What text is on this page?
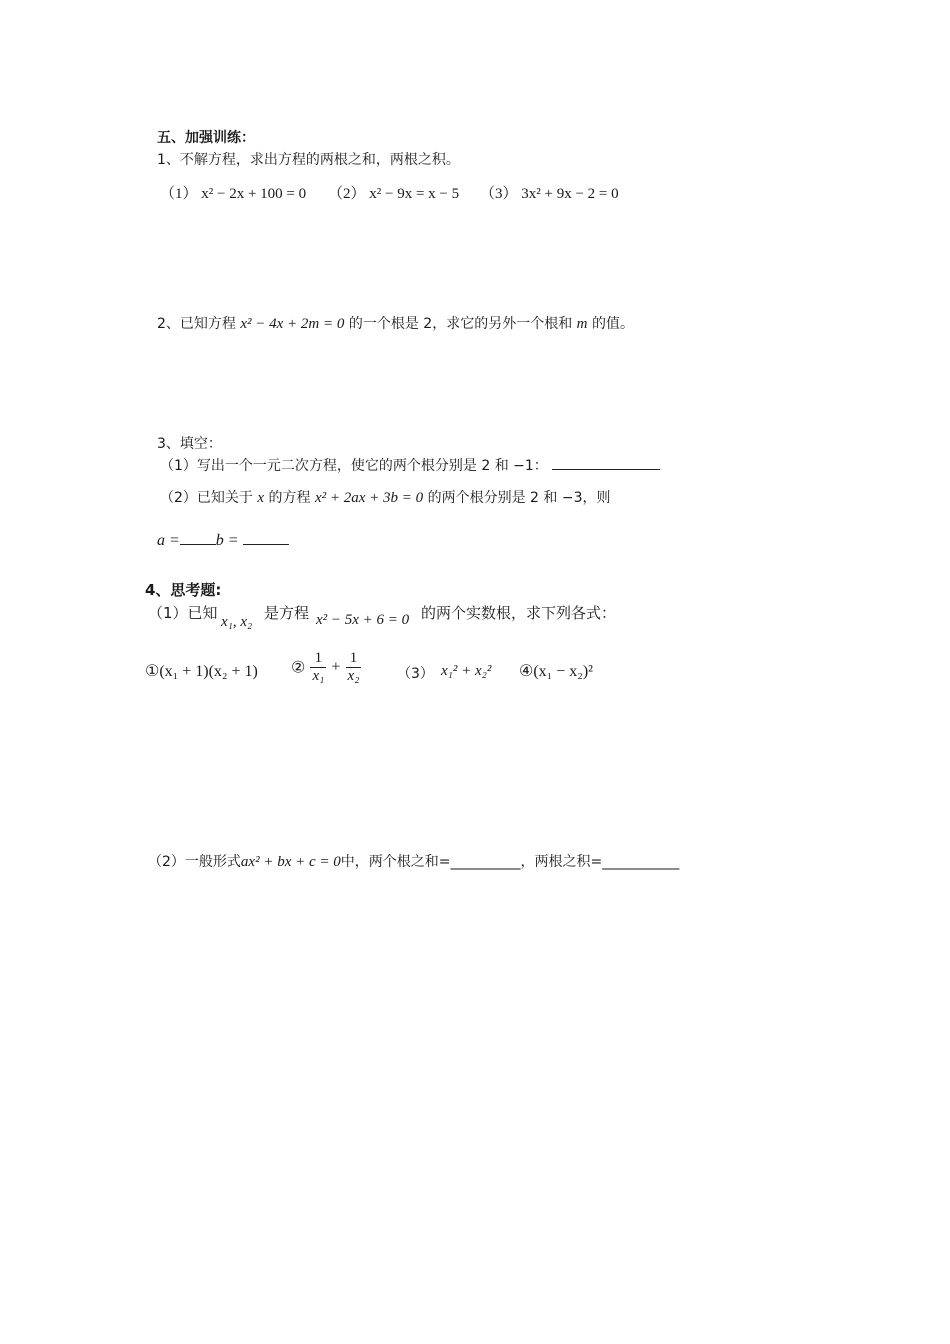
五、加强训练：
1、不解方程，求出方程的两根之和，两根之积。
（1） x² − 2x + 100 = 0 （2） x² − 9x = x − 5 （3） 3x² + 9x − 2 = 0
2、已知方程 x² − 4x + 2m = 0 的一个根是 2，求它的另外一个根和 m 的值。
3、填空：
（1）写出一个一元二次方程，使它的两个根分别是 2 和 −1：
（2）已知关于 x 的方程 x² + 2ax + 3b = 0 的两个根分别是 2 和 −3，则
a = b =
4、思考题:
（1）已知 x₁, x₂ 是方程 x² − 5x + 6 = 0 的两个实数根，求下列各式：
①(x₁ + 1)(x₂ + 1) ② $\frac{1}{\text{x₁}} + \frac{1}{\text{x₂}}$	（3） x₁² + x₂² ④(x₁ − x₂)²
（2）一般形式ax² + bx + c = 0中，两个根之和=__________，两根之积=___________
